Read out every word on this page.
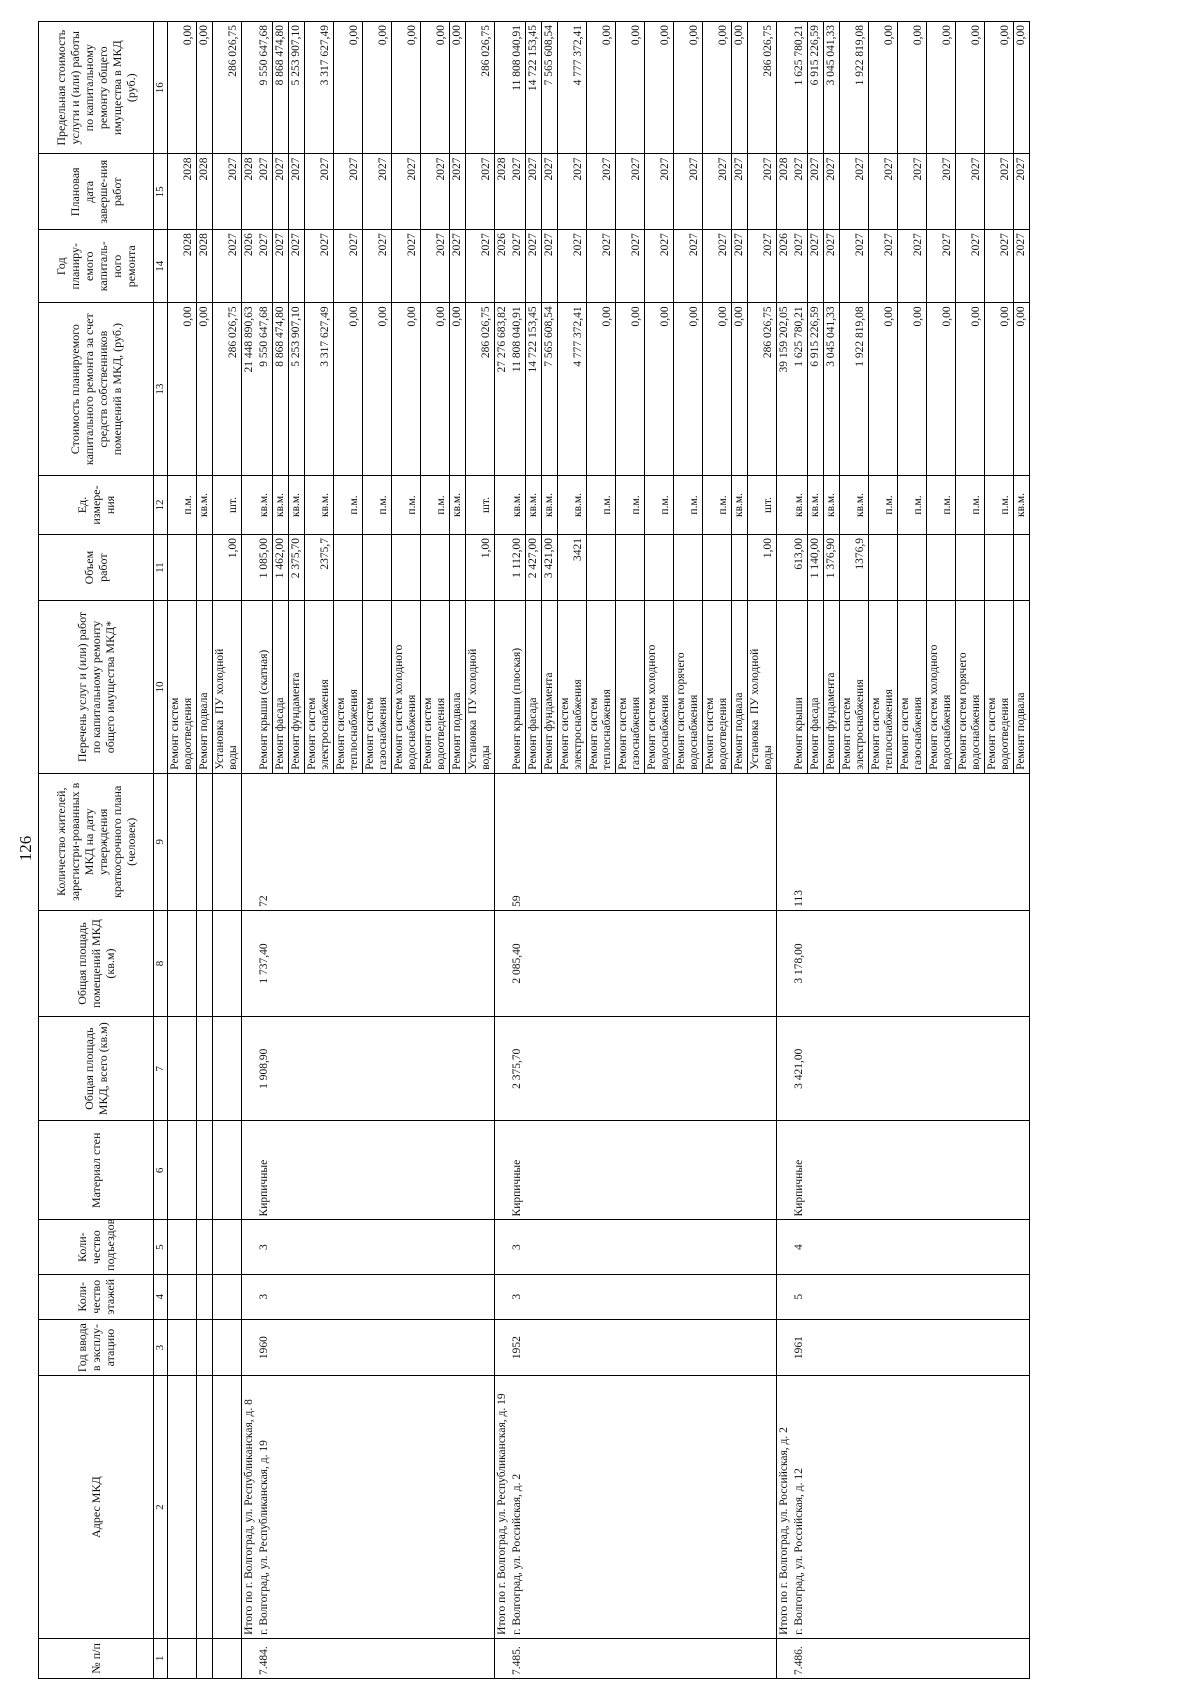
126
№ п/п	Адрес МКД	Год ввода в эксплу-атацию	Коли-чество этажей	Коли-чество подъездов	Материал стен	Общая площадь МКД, всего (кв.м)	Общая площадь помещений МКД (кв.м)	Количество жителей, зарегистри-рованных в МКД на дату утверждения краткосрочного плана (человек)	Перечень услуг и (или) работ по капитальному ремонту общего имущества МКД*	Объем работ	Ед. измере-ния	Стоимость планируемого капитального ремонта за счет средств собственников помещений в МКД, (руб.)	Год планиру-емого капиталь-ного ремонта	Плановая дата заверше-ния работ	Предельная стоимость услуги и (или) работы по капитальному ремонту общего имущества в МКД (руб.)
1	2	3	4	5	6	7	8	9	10	11	12	13	14	15	16

									Ремонт систем водоотведения		п.м.	0,00	2028	2028	0,00

									Ремонт подвала		кв.м.	0,00	2028	2028	0,00

									Установка  ПУ холодной воды	1,00	шт.	286 026,75	2027	2027	286 026,75

	Итого по г. Волгоград, ул. Республиканская, д. 8											21 448 890,63	2026	2028	

7.484.	г. Волгоград, ул. Республиканская, д. 19	1960	3	3	Кирпичные	1 908,90	1 737,40	72	Ремонт крыши (скатная)	1 085,00	кв.м.	9 550 647,68	2027	2027	9 550 647,68

									Ремонт фасада	1 462,00	кв.м.	8 868 474,80	2027	2027	8 868 474,80

									Ремонт фундамента	2 375,70	кв.м.	5 253 907,10	2027	2027	5 253 907,10

									Ремонт систем электроснабжения	2375,7	кв.м.	3 317 627,49	2027	2027	3 317 627,49

									Ремонт систем теплоснабжения		п.м.	0,00	2027	2027	0,00

									Ремонт систем газоснабжения		п.м.	0,00	2027	2027	0,00

									Ремонт систем холодного водоснабжения		п.м.	0,00	2027	2027	0,00

									Ремонт систем водоотведения		п.м.	0,00	2027	2027	0,00

									Ремонт подвала		кв.м.	0,00	2027	2027	0,00

									Установка  ПУ холодной воды	1,00	шт.	286 026,75	2027	2027	286 026,75

	Итого по г. Волгоград, ул. Республиканская, д. 19											27 276 683,82	2026	2028	

7.485.	г. Волгоград, ул. Российская, д. 2	1952	3	3	Кирпичные	2 375,70	2 085,40	59	Ремонт крыши (плоская)	1 112,00	кв.м.	11 808 040,91	2027	2027	11 808 040,91

									Ремонт фасада	2 427,00	кв.м.	14 722 153,45	2027	2027	14 722 153,45

									Ремонт фундамента	3 421,00	кв.м.	7 565 608,54	2027	2027	7 565 608,54

									Ремонт систем электроснабжения	3421	кв.м.	4 777 372,41	2027	2027	4 777 372,41

									Ремонт систем теплоснабжения		п.м.	0,00	2027	2027	0,00

									Ремонт систем газоснабжения		п.м.	0,00	2027	2027	0,00

									Ремонт систем холодного водоснабжения		п.м.	0,00	2027	2027	0,00

									Ремонт систем горячего водоснабжения		п.м.	0,00	2027	2027	0,00

									Ремонт систем водоотведения		п.м.	0,00	2027	2027	0,00

									Ремонт подвала		кв.м.	0,00	2027	2027	0,00

									Установка  ПУ холодной воды	1,00	шт.	286 026,75	2027	2027	286 026,75

	Итого по г. Волгоград, ул. Российская, д. 2											39 159 202,05	2026	2028	

7.486.	г. Волгоград, ул. Российская, д. 12	1961	5	4	Кирпичные	3 421,00	3 178,00	113	Ремонт крыши	613,00	кв.м.	1 625 780,21	2027	2027	1 625 780,21

									Ремонт фасада	1 140,00	кв.м.	6 915 226,59	2027	2027	6 915 226,59

									Ремонт фундамента	1 376,90	кв.м.	3 045 041,33	2027	2027	3 045 041,33

									Ремонт систем электроснабжения	1376,9	кв.м.	1 922 819,08	2027	2027	1 922 819,08

									Ремонт систем теплоснабжения		п.м.	0,00	2027	2027	0,00

									Ремонт систем газоснабжения		п.м.	0,00	2027	2027	0,00

									Ремонт систем холодного водоснабжения		п.м.	0,00	2027	2027	0,00

									Ремонт систем горячего водоснабжения		п.м.	0,00	2027	2027	0,00

									Ремонт систем водоотведения		п.м.	0,00	2027	2027	0,00

									Ремонт подвала		кв.м.	0,00	2027	2027	0,00
